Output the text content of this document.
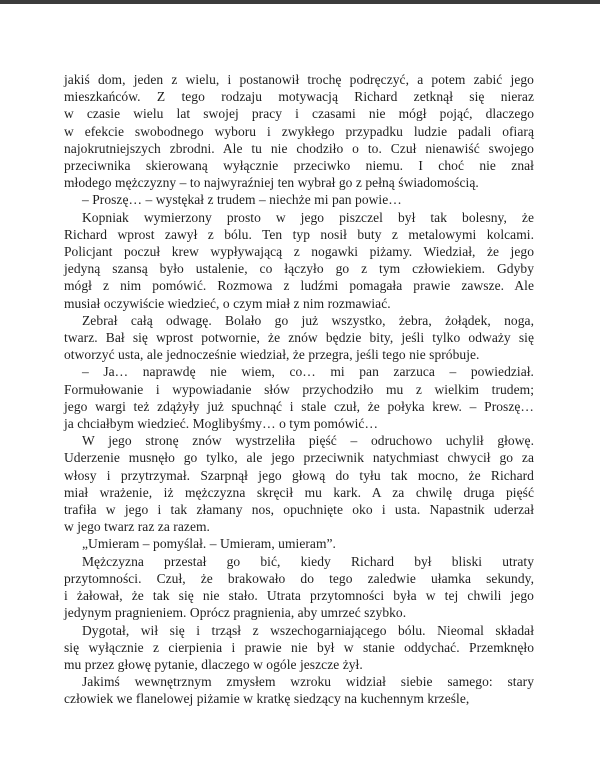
jakiś dom, jeden z wielu, i postanowił trochę podręczyć, a potem zabić jego
mieszkańców. Z tego rodzaju motywacją Richard zetknął się nieraz
w czasie wielu lat swojej pracy i czasami nie mógł pojąć, dlaczego
w efekcie swobodnego wyboru i zwykłego przypadku ludzie padali ofiarą
najokrutniejszych zbrodni. Ale tu nie chodziło o to. Czuł nienawiść swojego
przeciwnika skierowaną wyłącznie przeciwko niemu. I choć nie znał
młodego mężczyzny – to najwyraźniej ten wybrał go z pełną świadomością.
– Proszę… – wystękał z trudem – niechże mi pan powie…
Kopniak wymierzony prosto w jego piszczel był tak bolesny, że
Richard wprost zawył z bólu. Ten typ nosił buty z metalowymi kolcami.
Policjant poczuł krew wypływającą z nogawki piżamy. Wiedział, że jego
jedyną szansą było ustalenie, co łączyło go z tym człowiekiem. Gdyby
mógł z nim pomówić. Rozmowa z ludźmi pomagała prawie zawsze. Ale
musiał oczywiście wiedzieć, o czym miał z nim rozmawiać.
Zebrał całą odwagę. Bolało go już wszystko, żebra, żołądek, noga,
twarz. Bał się wprost potwornie, że znów będzie bity, jeśli tylko odważy się
otworzyć usta, ale jednocześnie wiedział, że przegra, jeśli tego nie spróbuje.
– Ja… naprawdę nie wiem, co… mi pan zarzuca – powiedział.
Formułowanie i wypowiadanie słów przychodziło mu z wielkim trudem;
jego wargi też zdążyły już spuchnąć i stale czuł, że połyka krew. – Proszę…
ja chciałbym wiedzieć. Moglibyśmy… o tym pomówić…
W jego stronę znów wystrzeliła pięść – odruchowo uchylił głowę.
Uderzenie musnęło go tylko, ale jego przeciwnik natychmiast chwycił go za
włosy i przytrzymał. Szarpnął jego głową do tyłu tak mocno, że Richard
miał wrażenie, iż mężczyzna skręcił mu kark. A za chwilę druga pięść
trafiła w jego i tak złamany nos, opuchnięte oko i usta. Napastnik uderzał
w jego twarz raz za razem.
„Umieram – pomyślał. – Umieram, umieram”.
Mężczyzna przestał go bić, kiedy Richard był bliski utraty
przytomności. Czuł, że brakowało do tego zaledwie ułamka sekundy,
i żałował, że tak się nie stało. Utrata przytomności była w tej chwili jego
jedynym pragnieniem. Oprócz pragnienia, aby umrzeć szybko.
Dygotał, wił się i trząsł z wszechogarniającego bólu. Nieomal składał
się wyłącznie z cierpienia i prawie nie był w stanie oddychać. Przemknęło
mu przez głowę pytanie, dlaczego w ogóle jeszcze żył.
Jakimś wewnętrznym zmysłem wzroku widział siebie samego: stary
człowiek we flanelowej piżamie w kratkę siedzący na kuchennym krześle,
